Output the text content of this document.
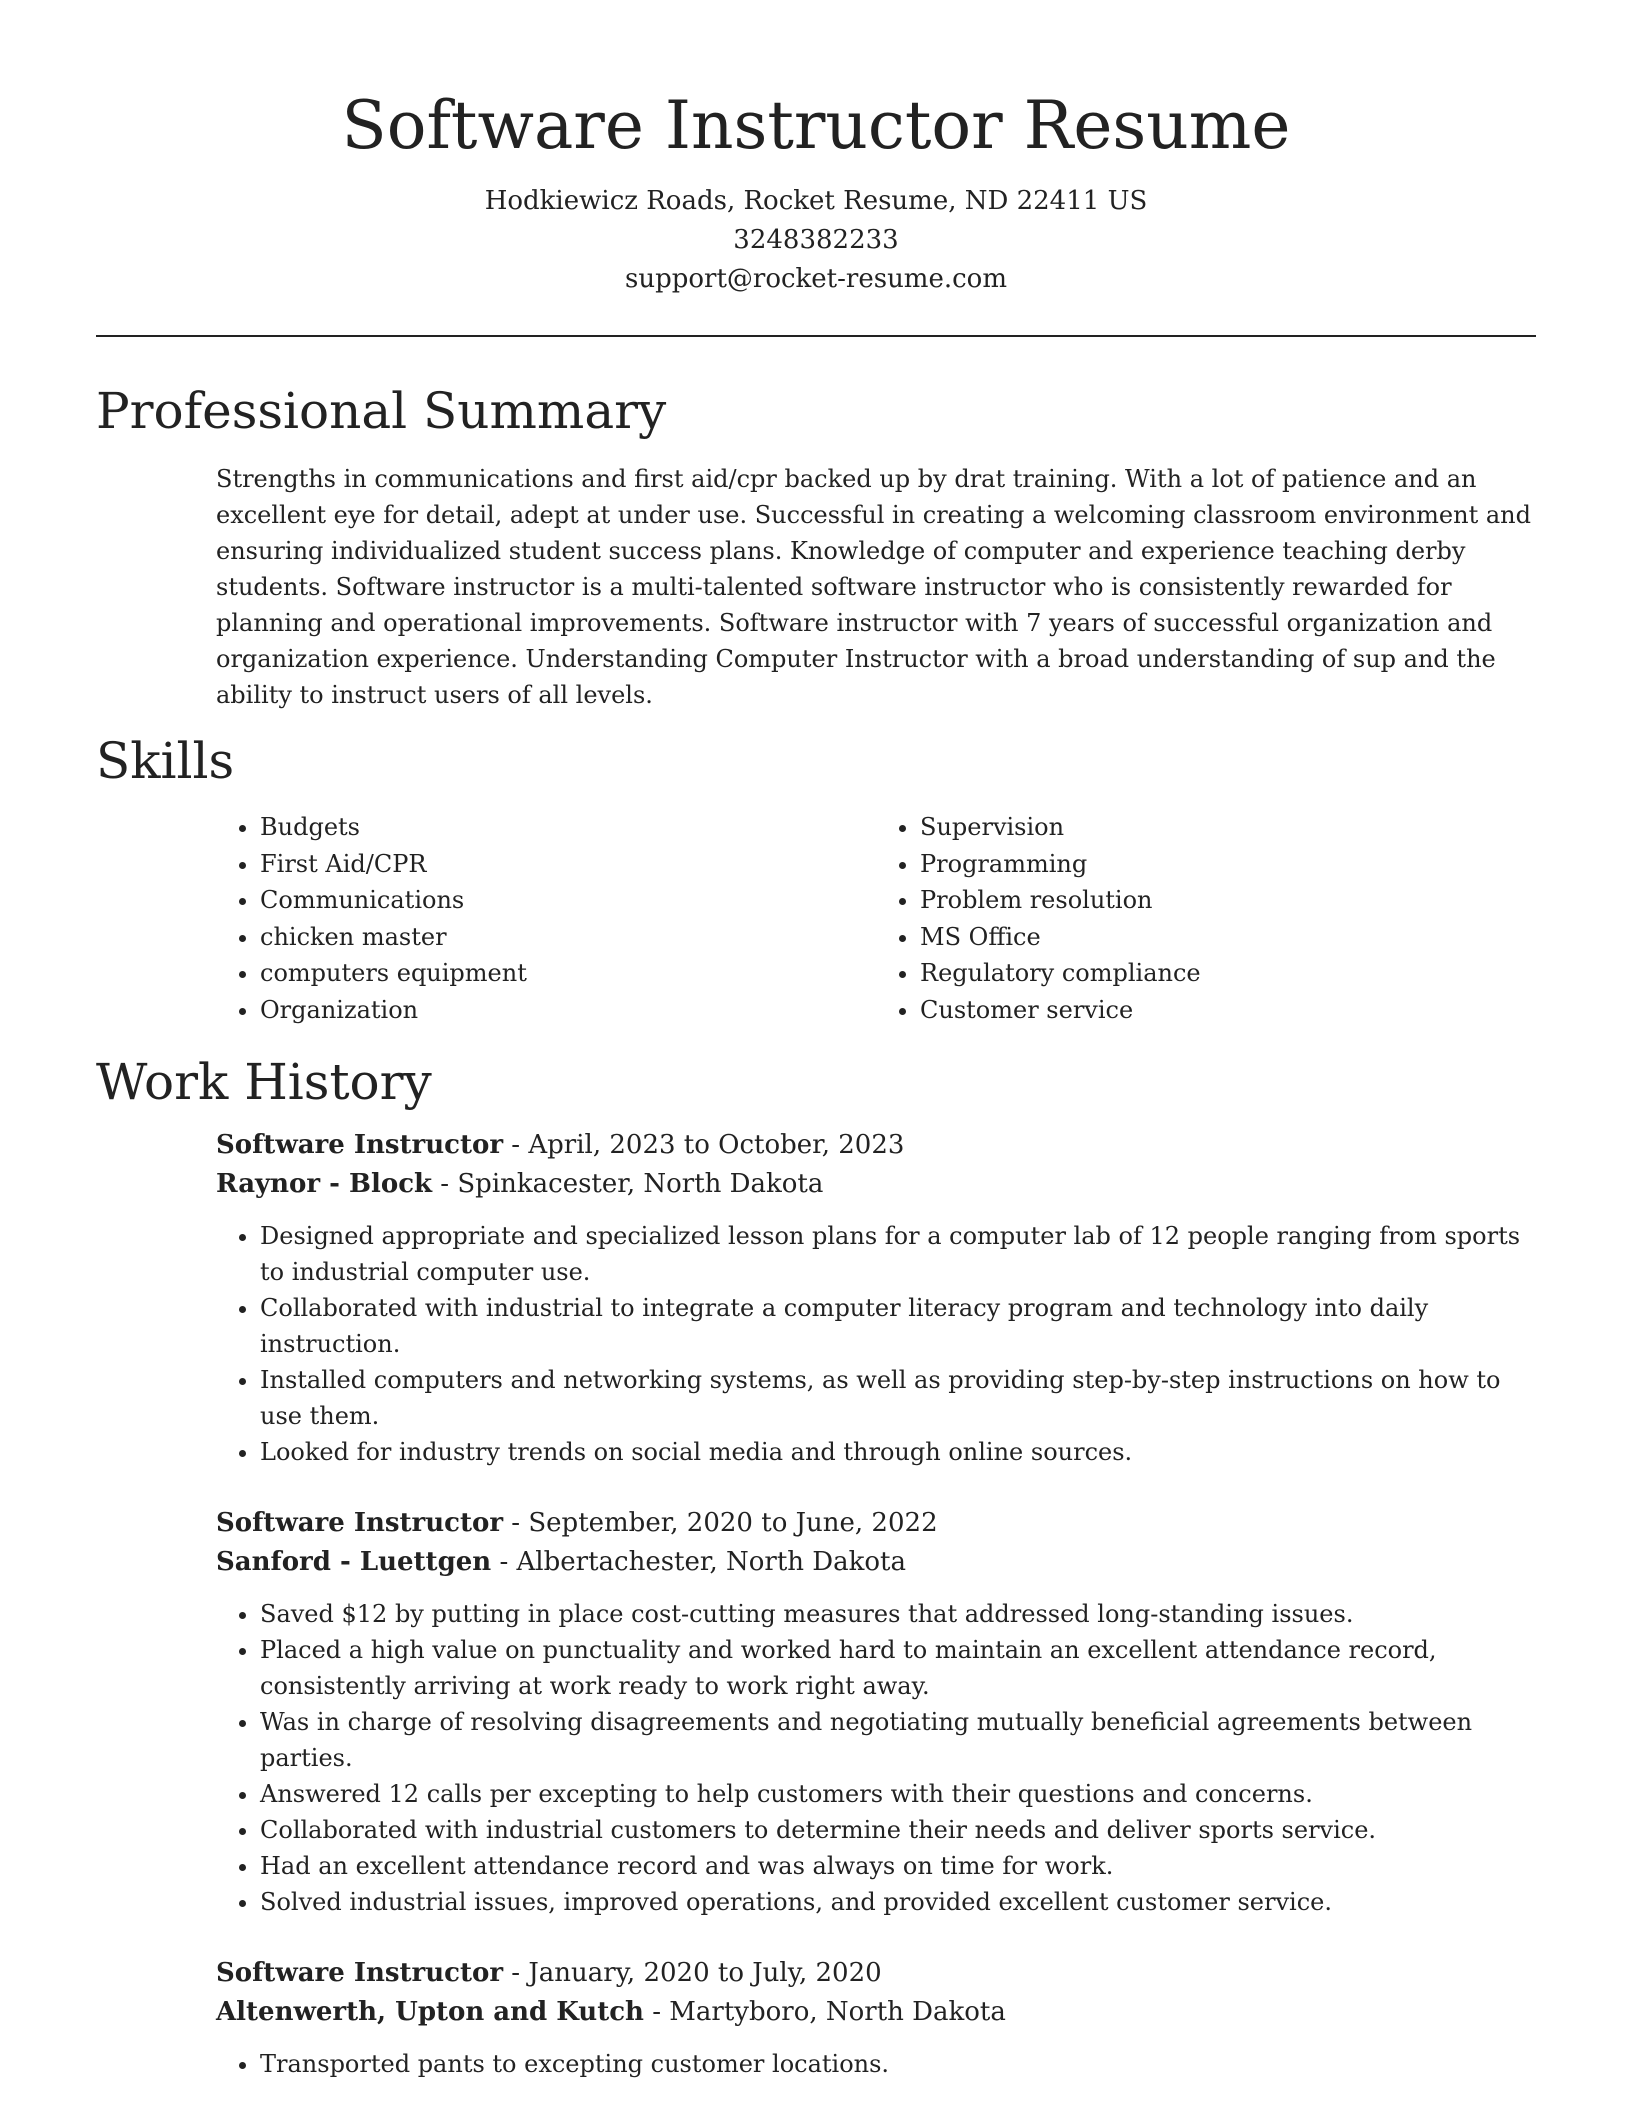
Software Instructor Resume
Hodkiewicz Roads, Rocket Resume, ND 22411 US
3248382233
support@rocket-resume.com
Professional Summary

Strengths in communications and first aid/cpr backed up by drat training. With a lot of patience and an excellent eye for detail, adept at under use. Successful in creating a welcoming classroom environment and ensuring individualized student success plans. Knowledge of computer and experience teaching derby students. Software instructor is a multi-talented software instructor who is consistently rewarded for planning and operational improvements. Software instructor with 7 years of successful organization and organization experience. Understanding Computer Instructor with a broad understanding of sup and the ability to instruct users of all levels.

Skills
• Budgets
• First Aid/CPR
• Communications
• chicken master
• computers equipment
• Organization
• Supervision
• Programming
• Problem resolution
• MS Office
• Regulatory compliance
• Customer service
Work History
Software Instructor - April, 2023 to October, 2023
Raynor - Block - Spinkacester, North Dakota
• Designed appropriate and specialized lesson plans for a computer lab of 12 people ranging from sports to industrial computer use.
• Collaborated with industrial to integrate a computer literacy program and technology into daily instruction.
• Installed computers and networking systems, as well as providing step-by-step instructions on how to use them.
• Looked for industry trends on social media and through online sources.
Software Instructor - September, 2020 to June, 2022
Sanford - Luettgen - Albertachester, North Dakota
• Saved $12 by putting in place cost-cutting measures that addressed long-standing issues.
• Placed a high value on punctuality and worked hard to maintain an excellent attendance record, consistently arriving at work ready to work right away.
• Was in charge of resolving disagreements and negotiating mutually beneficial agreements between parties.
• Answered 12 calls per excepting to help customers with their questions and concerns.
• Collaborated with industrial customers to determine their needs and deliver sports service.
• Had an excellent attendance record and was always on time for work.
• Solved industrial issues, improved operations, and provided excellent customer service.
Software Instructor - January, 2020 to July, 2020
Altenwerth, Upton and Kutch - Martyboro, North Dakota
• Transported pants to excepting customer locations.
